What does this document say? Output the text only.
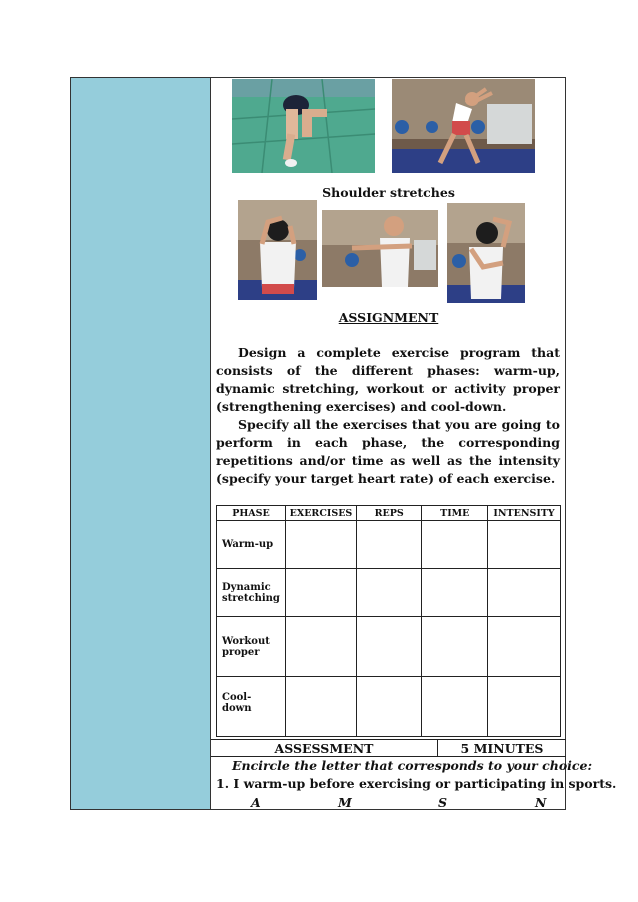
Shoulder stretches
ASSIGNMENT

Design a complete exercise program that consists of the different phases: warm-up, dynamic stretching, workout or activity proper (strengthening exercises) and cool-down.

Specify all the exercises that you are going to perform in each phase, the corresponding repetitions and/or time as well as the intensity (specify your target heart rate) of each exercise.

PHASE	EXERCISES	REPS	TIME	INTENSITY
Warm-up				
Dynamic stretching				
Workout proper				
Cool-down				
ASSESSMENT	5 MINUTES
Encircle the letter that corresponds to your choice:
1. I warm-up before exercising or participating in sports.
A	M	S	N
